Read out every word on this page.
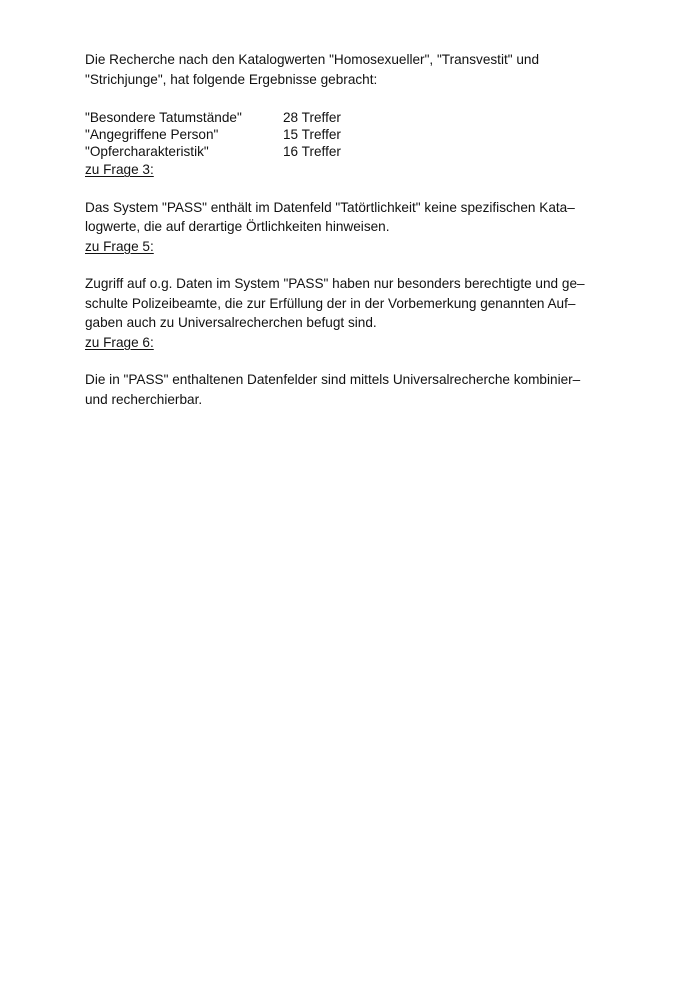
Die Recherche nach den Katalogwerten "Homosexueller", "Transvestit" und

"Strichjunge", hat folgende Ergebnisse gebracht:

"Besondere Tatumstände"	28 Treffer
"Angegriffene Person"	15 Treffer
"Opfercharakteristik"	16 Treffer

zu Frage 3:

Das System "PASS" enthält im Datenfeld "Tatörtlichkeit" keine spezifischen Kata–

logwerte, die auf derartige Örtlichkeiten hinweisen.

zu Frage 5:

Zugriff auf o.g. Daten im System "PASS" haben nur besonders berechtigte und ge–

schulte Polizeibeamte, die zur Erfüllung der in der Vorbemerkung genannten Auf–

gaben auch zu Universalrecherchen befugt sind.

zu Frage 6:

Die in "PASS" enthaltenen Datenfelder sind mittels Universalrecherche kombinier–

und recherchierbar.
